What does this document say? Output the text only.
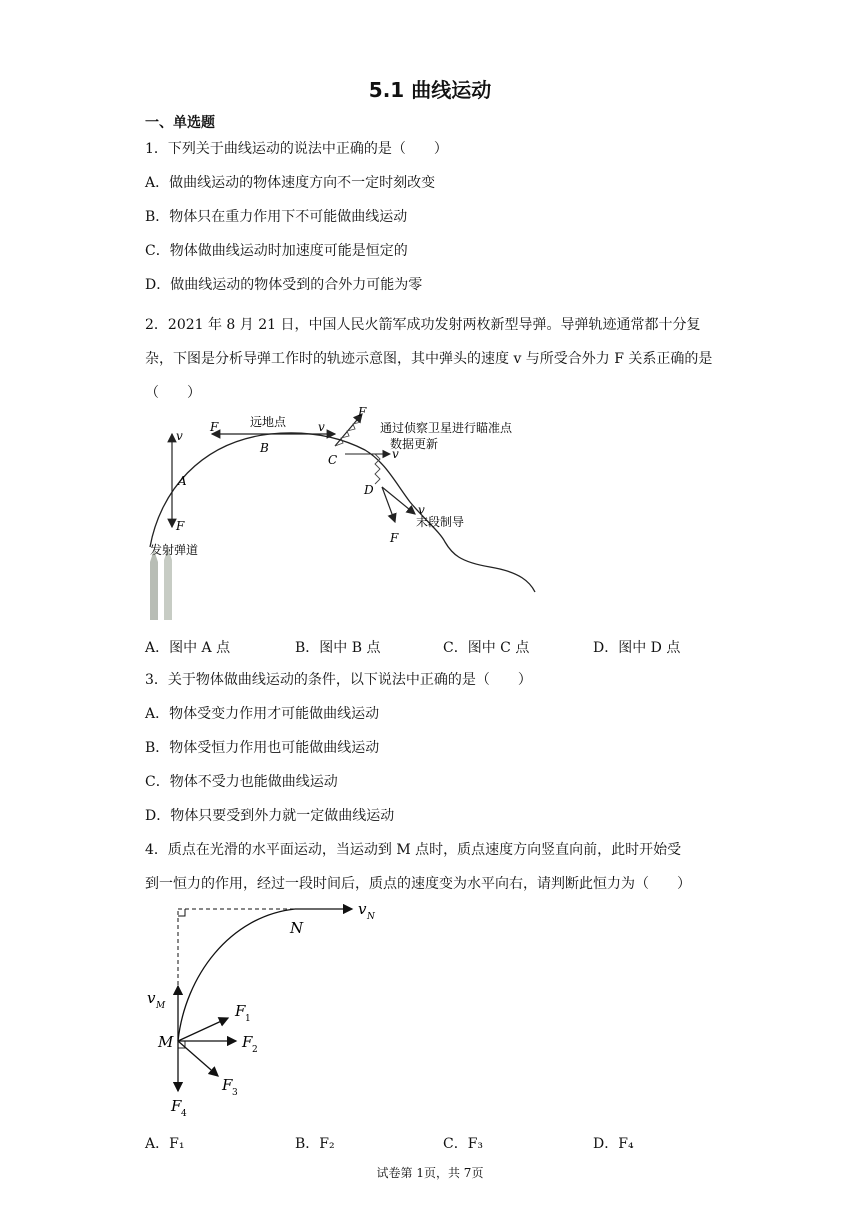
5.1 曲线运动
一、单选题
1．下列关于曲线运动的说法中正确的是（　　）
A．做曲线运动的物体速度方向不一定时刻改变
B．物体只在重力作用下不可能做曲线运动
C．物体做曲线运动时加速度可能是恒定的
D．做曲线运动的物体受到的合外力可能为零
2．2021 年 8 月 21 日，中国人民火箭军成功发射两枚新型导弹。导弹轨迹通常都十分复杂，下图是分析导弹工作时的轨迹示意图，其中弹头的速度 v 与所受合外力 F 关系正确的是（　　）
v
F
A
F	远地点
B
v
F
通过侦察卫星进行瞄准点
数据更新
C	v
D
v
末段制导
F
发射弹道
A．图中 A 点	B．图中 B 点	C．图中 C 点	D．图中 D 点
3．关于物体做曲线运动的条件，以下说法中正确的是（　　）
A．物体受变力作用才可能做曲线运动
B．物体受恒力作用也可能做曲线运动
C．物体不受力也能做曲线运动
D．物体只要受到外力就一定做曲线运动
4．质点在光滑的水平面运动，当运动到 M 点时，质点速度方向竖直向前，此时开始受
到一恒力的作用，经过一段时间后，质点的速度变为水平向右，请判断此恒力为（　　）
N
v N
v M
M
F 1
F 2
F 3
F 4
A．F₁	B．F₂	C．F₃	D．F₄
试卷第 1页，共 7页
